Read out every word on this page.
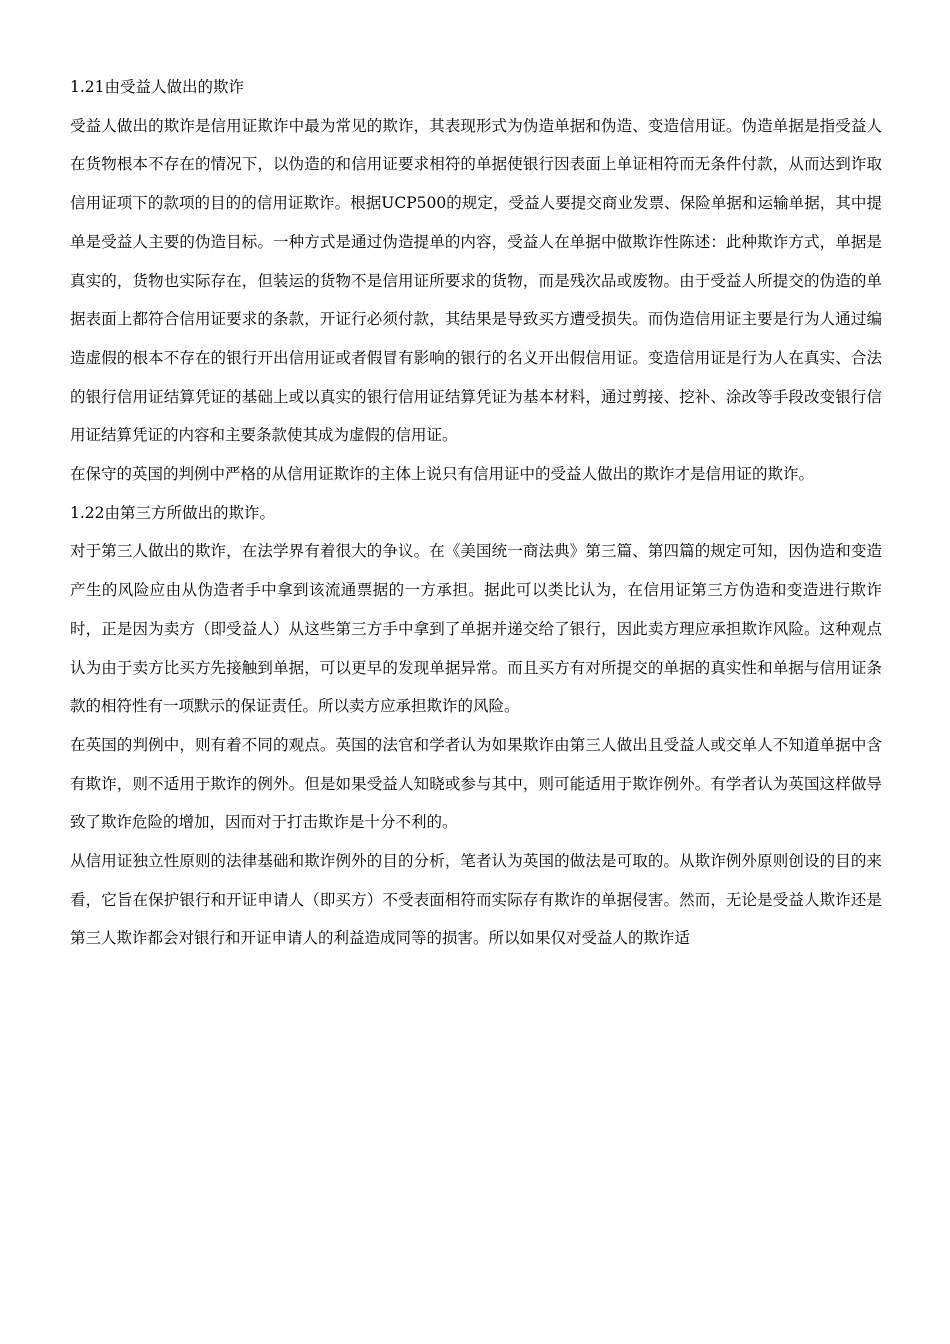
1.21由受益人做出的欺诈

受益人做出的欺诈是信用证欺诈中最为常见的欺诈，其表现形式为伪造单据和伪造、变造信用证。伪造单据是指受益人在货物根本不存在的情况下，以伪造的和信用证要求相符的单据使银行因表面上单证相符而无条件付款，从而达到诈取信用证项下的款项的目的的信用证欺诈。根据UCP500的规定，受益人要提交商业发票、保险单据和运输单据，其中提单是受益人主要的伪造目标。一种方式是通过伪造提单的内容，受益人在单据中做欺诈性陈述：此种欺诈方式，单据是真实的，货物也实际存在，但装运的货物不是信用证所要求的货物，而是残次品或废物。由于受益人所提交的伪造的单据表面上都符合信用证要求的条款，开证行必须付款，其结果是导致买方遭受损失。而伪造信用证主要是行为人通过编造虚假的根本不存在的银行开出信用证或者假冒有影响的银行的名义开出假信用证。变造信用证是行为人在真实、合法的银行信用证结算凭证的基础上或以真实的银行信用证结算凭证为基本材料，通过剪接、挖补、涂改等手段改变银行信用证结算凭证的内容和主要条款使其成为虚假的信用证。

在保守的英国的判例中严格的从信用证欺诈的主体上说只有信用证中的受益人做出的欺诈才是信用证的欺诈。

1.22由第三方所做出的欺诈。

对于第三人做出的欺诈，在法学界有着很大的争议。在《美国统一商法典》第三篇、第四篇的规定可知，因伪造和变造产生的风险应由从伪造者手中拿到该流通票据的一方承担。据此可以类比认为，在信用证第三方伪造和变造进行欺诈时，正是因为卖方（即受益人）从这些第三方手中拿到了单据并递交给了银行，因此卖方理应承担欺诈风险。这种观点认为由于卖方比买方先接触到单据，可以更早的发现单据异常。而且买方有对所提交的单据的真实性和单据与信用证条款的相符性有一项默示的保证责任。所以卖方应承担欺诈的风险。

在英国的判例中，则有着不同的观点。英国的法官和学者认为如果欺诈由第三人做出且受益人或交单人不知道单据中含有欺诈，则不适用于欺诈的例外。但是如果受益人知晓或参与其中，则可能适用于欺诈例外。有学者认为英国这样做导致了欺诈危险的增加，因而对于打击欺诈是十分不利的。

从信用证独立性原则的法律基础和欺诈例外的目的分析，笔者认为英国的做法是可取的。从欺诈例外原则创设的目的来看，它旨在保护银行和开证申请人（即买方）不受表面相符而实际存有欺诈的单据侵害。然而，无论是受益人欺诈还是第三人欺诈都会对银行和开证申请人的利益造成同等的损害。所以如果仅对受益人的欺诈适
